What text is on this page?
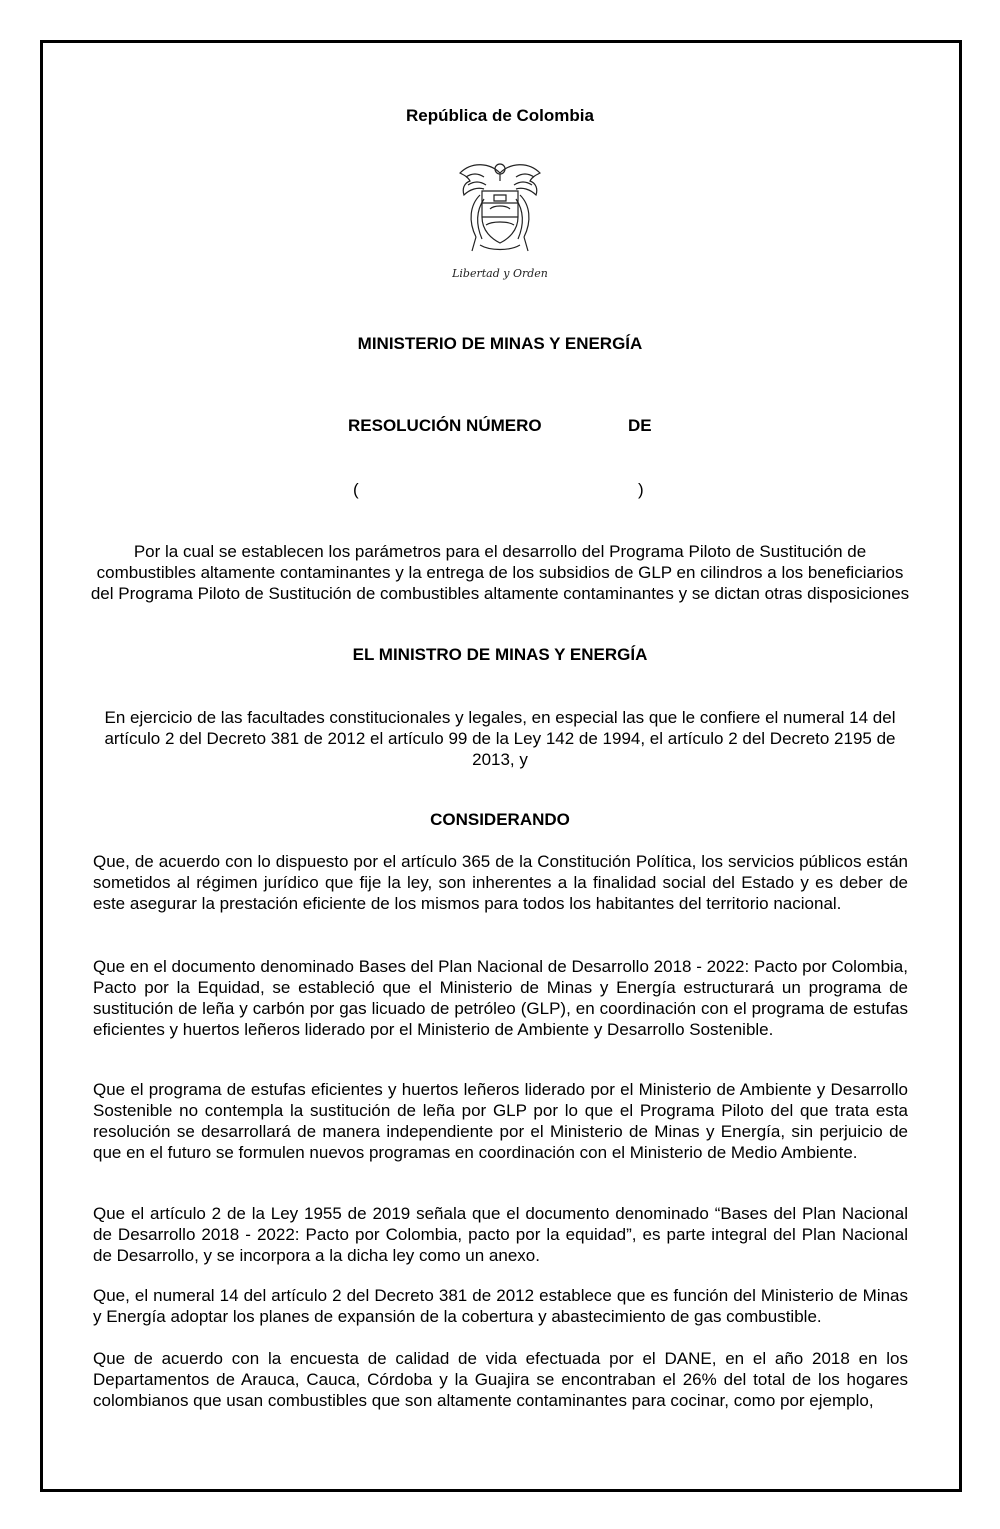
República de Colombia
Libertad y Orden
MINISTERIO DE MINAS Y ENERGÍA
RESOLUCIÓN NÚMERO	DE
(	)
Por la cual se establecen los parámetros para el desarrollo del Programa Piloto de Sustitución de combustibles altamente contaminantes y la entrega de los subsidios de GLP en cilindros a los beneficiarios del Programa Piloto de Sustitución de combustibles altamente contaminantes y se dictan otras disposiciones
EL MINISTRO DE MINAS Y ENERGÍA
En ejercicio de las facultades constitucionales y legales, en especial las que le confiere el numeral 14 del artículo 2 del Decreto 381 de 2012 el artículo 99 de la Ley 142 de 1994, el artículo 2 del Decreto 2195 de 2013, y
CONSIDERANDO
Que, de acuerdo con lo dispuesto por el artículo 365 de la Constitución Política, los servicios públicos están sometidos al régimen jurídico que fije la ley, son inherentes a la finalidad social del Estado y es deber de este asegurar la prestación eficiente de los mismos para todos los habitantes del territorio nacional.
Que en el documento denominado Bases del Plan Nacional de Desarrollo 2018 - 2022: Pacto por Colombia, Pacto por la Equidad, se estableció que el Ministerio de Minas y Energía estructurará un programa de sustitución de leña y carbón por gas licuado de petróleo (GLP), en coordinación con el programa de estufas eficientes y huertos leñeros liderado por el Ministerio de Ambiente y Desarrollo Sostenible.
Que el programa de estufas eficientes y huertos leñeros liderado por el Ministerio de Ambiente y Desarrollo Sostenible no contempla la sustitución de leña por GLP por lo que el Programa Piloto del que trata esta resolución se desarrollará de manera independiente por el Ministerio de Minas y Energía, sin perjuicio de que en el futuro se formulen nuevos programas en coordinación con el Ministerio de Medio Ambiente.
Que el artículo 2 de la Ley 1955 de 2019 señala que el documento denominado “Bases del Plan Nacional de Desarrollo 2018 - 2022: Pacto por Colombia, pacto por la equidad”, es parte integral del Plan Nacional de Desarrollo, y se incorpora a la dicha ley como un anexo.
Que, el numeral 14 del artículo 2 del Decreto 381 de 2012 establece que es función del Ministerio de Minas y Energía adoptar los planes de expansión de la cobertura y abastecimiento de gas combustible.
Que de acuerdo con la encuesta de calidad de vida efectuada por el DANE, en el año 2018 en los Departamentos de Arauca, Cauca, Córdoba y la Guajira se encontraban el 26% del total de los hogares colombianos que usan combustibles que son altamente contaminantes para cocinar, como por ejemplo,
